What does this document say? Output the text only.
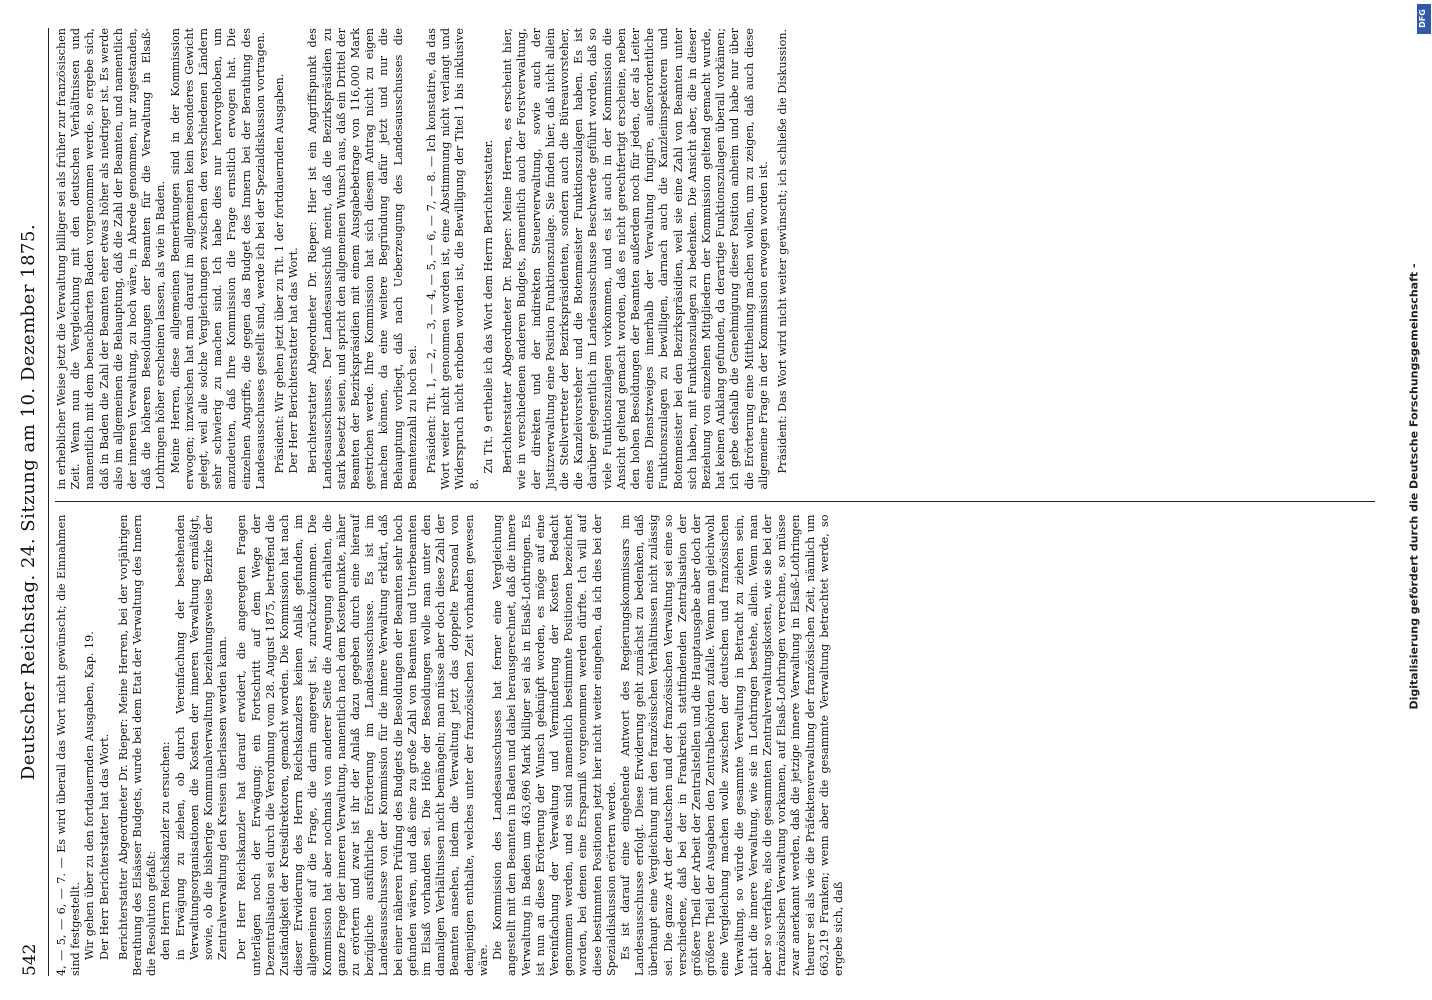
542
Deutscher Reichstag. 24. Sitzung am 10. Dezember 1875. 4, — 5, — 6, — 7. — Es wird überall das Wort nicht gewünscht; die Einnahmen sind festgestellt. Wir gehen über zu den fortdauernden Ausgaben, Kap. 19. Der Herr Berichterstatter hat das Wort. Berichterstatter Abgeordneter Dr. Rieper: Meine Herren, bei der vorjährigen Berathung des Elsässer Budgets, wurde bei dem Etat der Verwaltung des Innern die Resolution gefaßt: den Herrn Reichskanzler zu ersuchen: in Erwägung zu ziehen, ob durch Vereinfachung der bestehenden Verwaltungsorganisationen die Kosten der inneren Verwaltung ermäßigt, sowie, ob die bisherige Kommunalverwaltung beziehungsweise Bezirke der Zentralverwaltung den Kreisen überlassen werden kann. Der Herr Reichskanzler hat darauf erwidert, die angeregten Fragen unterlägen noch der Erwägung; ein Fortschritt auf dem Wege der Dezentralisation sei durch die Verordnung vom 28. August 1875, betreffend die Zuständigkeit der Kreisdirektoren, gemacht worden. Die Kommission hat nach dieser Erwiderung des Herrn Reichskanzlers keinen Anlaß gefunden, im allgemeinen auf die Frage, die darin angeregt ist, zurückzukommen. Die Kommission hat aber nochmals von anderer Seite die Anregung erhalten, die ganze Frage der inneren Verwaltung, namentlich nach dem Kostenpunkte, näher zu erörtern und zwar ist ihr der Anlaß dazu gegeben durch eine hierauf bezügliche ausführliche Erörterung im Landesausschusse. Es ist im Landesausschusse von der Kommission für die innere Verwaltung erklärt, daß bei einer näheren Prüfung des Budgets die Besoldungen der Beamten sehr hoch gefunden wären, und daß eine zu große Zahl von Beamten und Unterbeamten im Elsaß vorhanden sei. Die Höhe der Besoldungen wolle man unter den damaligen Verhältnissen nicht bemängeln; man müsse aber doch diese Zahl der Beamten ansehen, indem die Verwaltung jetzt das doppelte Personal von demjenigen enthalte, welches unter der französischen Zeit vorhanden gewesen wäre.

Die Kommission des Landesausschusses hat ferner eine Vergleichung angestellt mit den Beamten in Baden und dabei herausgerechnet, daß die innere Verwaltung in Baden um 463,696 Mark billiger sei als in Elsaß-Lothringen. Es ist nun an diese Erörterung der Wunsch geknüpft worden, es möge auf eine Vereinfachung der Verwaltung und Verminderung der Kosten Bedacht genommen werden, und es sind namentlich bestimmte Positionen bezeichnet worden, bei denen eine Ersparniß vorgenommen werden dürfte. Ich will auf diese bestimmten Positionen jetzt hier nicht weiter eingehen, da ich dies bei der Spezialdiskussion erörtern werde. Es ist darauf eine eingehende Antwort des Regierungskommissars im Landesausschusse erfolgt. Diese Erwiderung geht zunächst zu bedenken, daß überhaupt eine Vergleichung mit den französischen Verhältnissen nicht zulässig sei. Die ganze Art der deutschen und der französischen Verwaltung sei eine so verschiedene, daß bei der in Frankreich stattfindenden Zentralisation der größere Theil der Arbeit der Zentralstellen und die Hauptausgabe aber doch der größere Theil der Ausgaben den Zentralbehörden zufalle. Wenn man gleichwohl eine Vergleichung machen wolle zwischen der deutschen und französischen Verwaltung, so würde die gesammte Verwaltung in Betracht zu ziehen sein, nicht die innere Verwaltung, wie sie in Lothringen bestehe, allein. Wenn man aber so verfahre, also die gesammten Zentralverwaltungskosten, wie sie bei der französischen Verwaltung vorkamen, auf Elsaß-Lothringen verrechne, so müsse zwar anerkannt werden, daß die jetzige innere Verwaltung in Elsaß-Lothringen theurer sei als wie die Präfektenverwaltung der französischen Zeit, nämlich um 663,219 Franken; wenn aber die gesammte Verwaltung betrachtet werde, so ergebe sich, daß

in erheblicher Weise jetzt die Verwaltung billiger sei als früher zur französischen Zeit. Wenn nun die Vergleichung mit den deutschen Verhältnissen und namentlich mit dem benachbarten Baden vorgenommen werde, so ergebe sich, daß in Baden die Zahl der Beamten eher etwas höher als niedriger ist. Es werde also im allgemeinen die Behauptung, daß die Zahl der Beamten, und namentlich der inneren Verwaltung, zu hoch wäre, in Abrede genommen, nur zugestanden, daß die höheren Besoldungen der Beamten für die Verwaltung in Elsaß-Lothringen höher erscheinen lassen, als wie in Baden. Meine Herren, diese allgemeinen Bemerkungen sind in der Kommission erwogen; inzwischen hat man darauf im allgemeinen kein besonderes Gewicht gelegt, weil alle solche Vergleichungen zwischen den verschiedenen Ländern sehr schwierig zu machen sind. Ich habe dies nur hervorgehoben, um anzudeuten, daß Ihre Kommission die Frage ernstlich erwogen hat. Die einzelnen Angriffe, die gegen das Budget des Innern bei der Berathung des Landesausschusses gestellt sind, werde ich bei der Spezialdiskussion vortragen. Präsident: Wir gehen jetzt über zu Tit. 1 der fortdauernden Ausgaben. Der Herr Berichterstatter hat das Wort. Berichterstatter Abgeordneter Dr. Rieper: Hier ist ein Angriffspunkt des Landesausschusses. Der Landesausschuß meint, daß die Bezirkspräsidien zu stark besetzt seien, und spricht den allgemeinen Wunsch aus, daß ein Drittel der Beamten der Bezirkspräsidien mit einem Ausgabebetrage von 116,000 Mark gestrichen werde. Ihre Kommission hat sich diesem Antrag nicht zu eigen machen können, da eine weitere Begründung dafür jetzt und nur die Behauptung vorliegt, daß nach Ueberzeugung des Landesausschusses die Beamtenzahl zu hoch sei. Präsident: Tit. 1, — 2, — 3, — 4, — 5, — 6, — 7, — 8. — Ich konstatire, da das Wort weiter nicht genommen worden ist, eine Abstimmung nicht verlangt und Widerspruch nicht erhoben worden ist, die Bewilligung der Titel 1 bis inklusive 8.

Zu Tit. 9 ertheile ich das Wort dem Herrn Berichterstatter. Berichterstatter Abgeordneter Dr. Rieper: Meine Herren, es erscheint hier, wie in verschiedenen anderen Budgets, namentlich auch der Forstverwaltung, der direkten und der indirekten Steuerverwaltung, sowie auch der Justizverwaltung eine Position Funktionszulage. Sie finden hier, daß nicht allein die Stellvertreter der Bezirkspräsidenten, sondern auch die Büreauvorsteher, die Kanzleivorsteher und die Botenmeister Funktionszulagen haben. Es ist darüber gelegentlich im Landesausschusse Beschwerde geführt worden, daß so viele Funktionszulagen vorkommen, und es ist auch in der Kommission die Ansicht geltend gemacht worden, daß es nicht gerechtfertigt erscheine, neben den hohen Besoldungen der Beamten außerdem noch für jeden, der als Leiter eines Dienstzweiges innerhalb der Verwaltung fungire, außerordentliche Funktionszulagen zu bewilligen, darnach auch die Kanzleiinspektoren und Botenmeister bei den Bezirkspräsidien, weil sie eine Zahl von Beamten unter sich haben, mit Funktionszulagen zu bedenken. Die Ansicht aber, die in dieser Beziehung von einzelnen Mitgliedern der Kommission geltend gemacht wurde, hat keinen Anklang gefunden, da derartige Funktionszulagen überall vorkämen; ich gebe deshalb die Genehmigung dieser Position anheim und habe nur über die Erörterung eine Mittheilung machen wollen, um zu zeigen, daß auch diese allgemeine Frage in der Kommission erwogen worden ist. Präsident: Das Wort wird nicht weiter gewünscht; ich schließe die Diskussion.

Digitalisierung gefördert durch die Deutsche Forschungsgemeinschaft -
DFG
